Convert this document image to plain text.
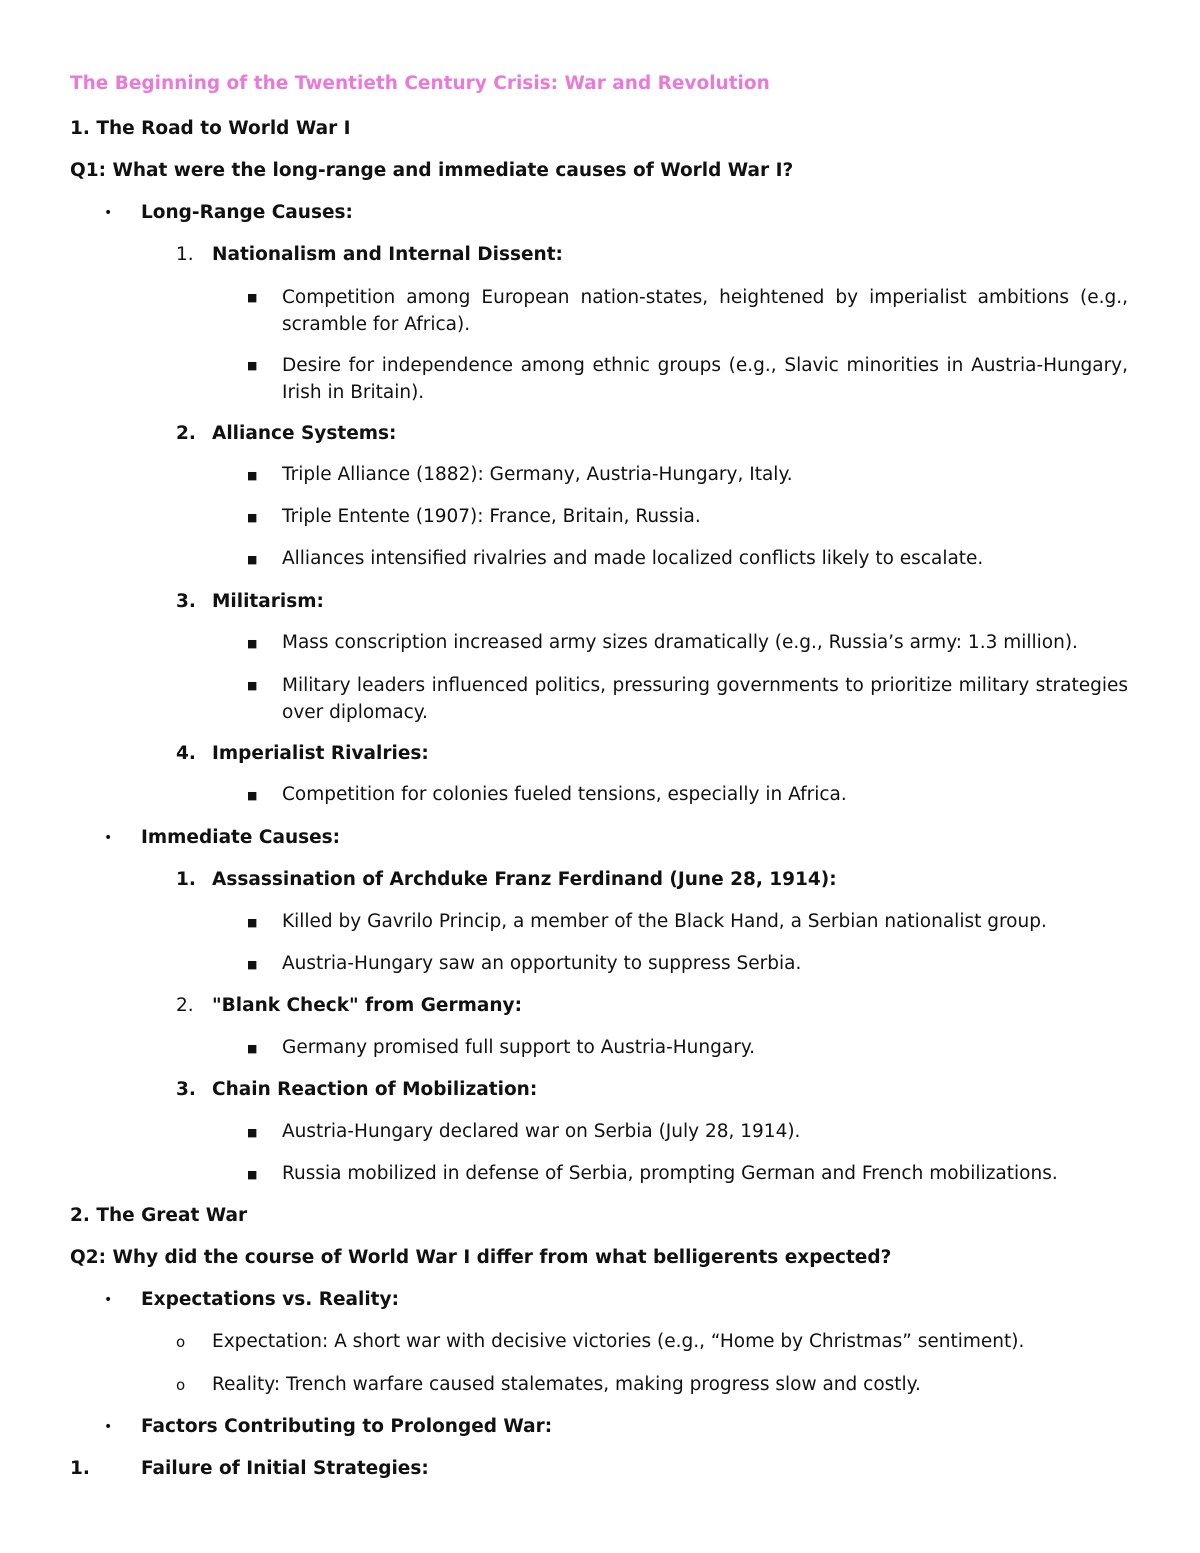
The Beginning of the Twentieth Century Crisis: War and Revolution
1. The Road to World War I
Q1: What were the long-range and immediate causes of World War I?
• Long-Range Causes:
1. Nationalism and Internal Dissent:
■ Competition among European nation-states, heightened by imperialist ambitions (e.g., scramble for Africa).
■ Desire for independence among ethnic groups (e.g., Slavic minorities in Austria-Hungary, Irish in Britain).
2. Alliance Systems:
■ Triple Alliance (1882): Germany, Austria-Hungary, Italy.
■ Triple Entente (1907): France, Britain, Russia.
■ Alliances intensified rivalries and made localized conflicts likely to escalate.
3. Militarism:
■ Mass conscription increased army sizes dramatically (e.g., Russia’s army: 1.3 million).
■ Military leaders influenced politics, pressuring governments to prioritize military strategies over diplomacy.
4. Imperialist Rivalries:
■ Competition for colonies fueled tensions, especially in Africa.
• Immediate Causes:
1. Assassination of Archduke Franz Ferdinand (June 28, 1914):
■ Killed by Gavrilo Princip, a member of the Black Hand, a Serbian nationalist group.
■ Austria-Hungary saw an opportunity to suppress Serbia.
2. "Blank Check" from Germany:
■ Germany promised full support to Austria-Hungary.
3. Chain Reaction of Mobilization:
■ Austria-Hungary declared war on Serbia (July 28, 1914).
■ Russia mobilized in defense of Serbia, prompting German and French mobilizations.
2. The Great War
Q2: Why did the course of World War I differ from what belligerents expected?
• Expectations vs. Reality:
o Expectation: A short war with decisive victories (e.g., “Home by Christmas” sentiment).
o Reality: Trench warfare caused stalemates, making progress slow and costly.
• Factors Contributing to Prolonged War:
1.	Failure of Initial Strategies:
